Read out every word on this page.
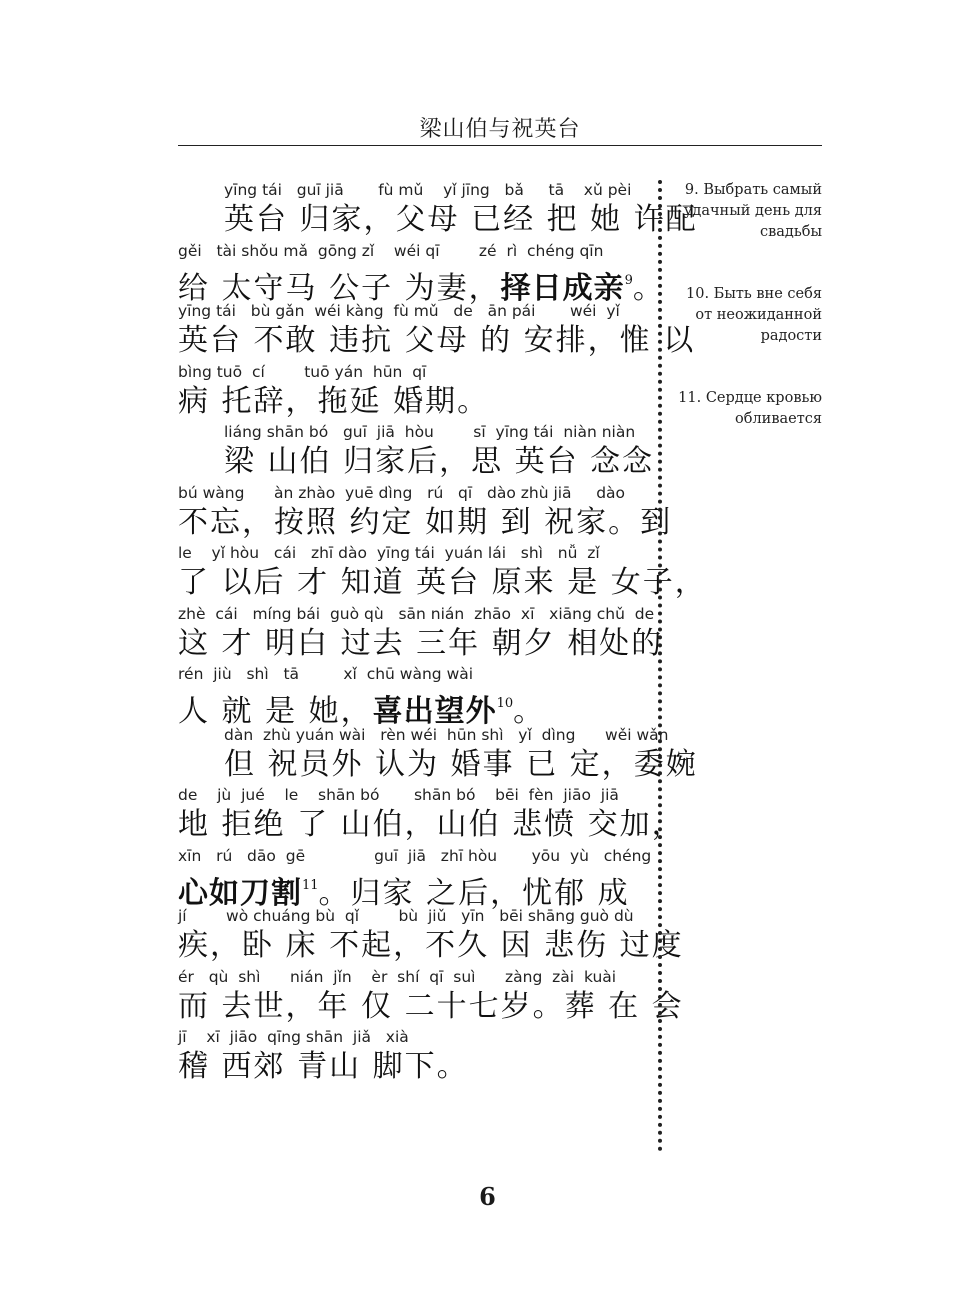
梁山伯与祝英台
yīng tái   guī jiā       fù mǔ    yǐ jīng   bǎ     tā    xǔ pèi
英台 归家，父母 已经 把 她 许配
gěi   tài shǒu mǎ  gōng zǐ    wéi qī        zé  rì  chéng qīn
给 太守马 公子 为妻，择日成亲$^9$。
yīng tái   bù gǎn  wéi kàng  fù mǔ   de   ān pái       wéi  yǐ
英台 不敢 违抗 父母 的 安排，惟 以
bìng tuō  cí        tuō yán  hūn  qī
病 托辞，拖延 婚期。
liáng shān bó   guī  jiā  hòu        sī  yīng tái  niàn niàn
梁 山伯 归家后，思 英台 念念
bú wàng      àn zhào  yuē dìng   rú   qī   dào zhù jiā     dào
不忘，按照 约定 如期 到 祝家。到
le    yǐ hòu   cái   zhī dào  yīng tái  yuán lái   shì   nǚ  zǐ
了 以后 才 知道 英台 原来 是 女子，
zhè  cái   míng bái  guò qù   sān nián  zhāo  xī   xiāng chǔ  de
这 才 明白 过去 三年 朝夕 相处的
rén  jiù   shì   tā         xǐ  chū wàng wài
人 就 是 她，喜出望外$^{10}$。
dàn  zhù yuán wài   rèn wéi  hūn shì   yǐ  dìng      wěi wǎn
但 祝员外 认为 婚事 已 定，委婉
de    jù  jué    le    shān bó       shān bó    bēi  fèn  jiāo  jiā
地 拒绝 了 山伯，山伯 悲愤 交加，
xīn   rú   dāo  gē              guī  jiā   zhī hòu       yōu  yù   chéng
心如刀割$^{11}$。归家 之后，忧郁 成
jí        wò chuáng bù  qǐ        bù  jiǔ   yīn   bēi shāng guò dù
疾，卧 床 不起，不久 因 悲伤 过度
ér   qù  shì      nián  jǐn    èr  shí  qī  suì      zàng  zài  kuài
而 去世，年 仅 二十七岁。葬 在 会
jī    xī  jiāo  qīng shān  jiǎ   xià
稽 西郊 青山 脚下。
9. Выбрать самый удачный день для свадьбы
10. Быть вне себя от неожиданной радости
11. Сердце кровью обливается
6
